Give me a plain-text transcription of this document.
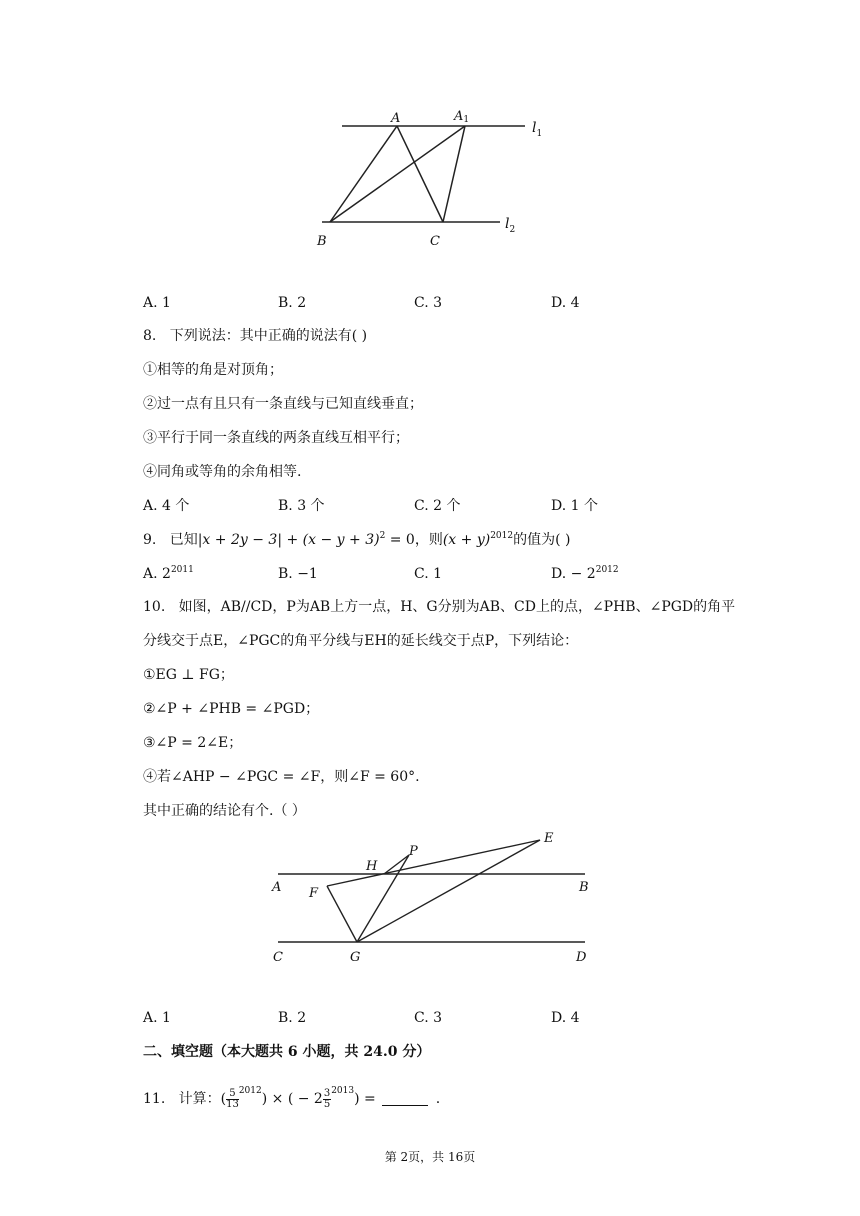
A	A1	$l_1$
B	C
$l_2$
A. 1	B. 2	C. 3	D. 4
8. 下列说法：其中正确的说法有( )
①相等的角是对顶角；
②过一点有且只有一条直线与已知直线垂直；
③平行于同一条直线的两条直线互相平行；
④同角或等角的余角相等.
A. 4 个	B. 3 个	C. 2 个	D. 1 个
9. 已知$|x + 2y - 3| + (x - y + 3)^2 = 0$，则$(x + y)^{2012}$的值为( )
A. $2^{2011}$	B. −1	C. 1	D. − $2^{2012}$
10. 如图，AB//CD，P为AB上方一点，H、G分别为AB、CD上的点，∠PHB、∠PGD的角平
分线交于点E，∠PGC的角平分线与EH的延长线交于点P，下列结论：
①EG ⊥ FG；
②∠P + ∠PHB = ∠PGD；
③∠P = 2∠E；
④若∠AHP − ∠PGC = ∠F，则∠F = 60°.
其中正确的结论有个.（ ）
A	B
C	D
E
F
G
H
P
A. 1	B. 2	C. 3	D. 4
二、填空题（本大题共 6 小题，共 24.0 分）
11. 计算：( $\frac{5}{13} ^{2012}$) × ( − $2 \frac{3}{5} ^{2013}$) =	.
第 2页，共 16页
